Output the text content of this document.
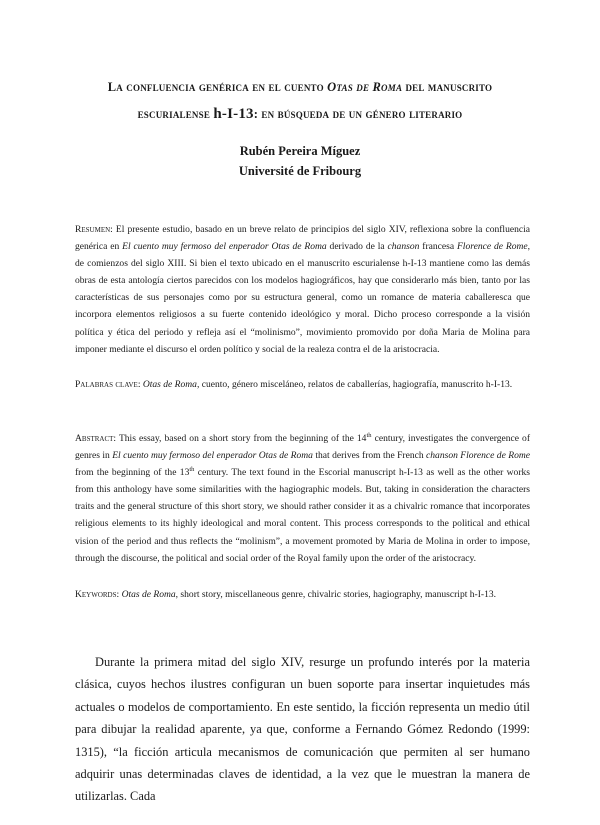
La confluencia genérica en el cuento Otas de Roma del manuscrito
escurialense h-I-13: en búsqueda de un género literario
Rubén Pereira Míguez
Université de Fribourg
Resumen: El presente estudio, basado en un breve relato de principios del siglo XIV, reflexiona sobre la confluencia genérica en El cuento muy fermoso del enperador Otas de Roma derivado de la chanson francesa Florence de Rome, de comienzos del siglo XIII. Si bien el texto ubicado en el manuscrito escurialense h-I-13 mantiene como las demás obras de esta antología ciertos parecidos con los modelos hagiográficos, hay que considerarlo más bien, tanto por las características de sus personajes como por su estructura general, como un romance de materia caballeresca que incorpora elementos religiosos a su fuerte contenido ideológico y moral. Dicho proceso corresponde a la visión política y ética del periodo y refleja así el “molinismo”, movimiento promovido por doña Maria de Molina para imponer mediante el discurso el orden político y social de la realeza contra el de la aristocracia.
Palabras clave: Otas de Roma, cuento, género misceláneo, relatos de caballerías, hagiografía, manuscrito h-I-13.
Abstract: This essay, based on a short story from the beginning of the 14th century, investigates the convergence of genres in El cuento muy fermoso del enperador Otas de Roma that derives from the French chanson Florence de Rome from the beginning of the 13th century. The text found in the Escorial manuscript h-I-13 as well as the other works from this anthology have some similarities with the hagiographic models. But, taking in consideration the characters traits and the general structure of this short story, we should rather consider it as a chivalric romance that incorporates religious elements to its highly ideological and moral content. This process corresponds to the political and ethical vision of the period and thus reflects the “molinism”, a movement promoted by Maria de Molina in order to impose, through the discourse, the political and social order of the Royal family upon the order of the aristocracy.
Keywords: Otas de Roma, short story, miscellaneous genre, chivalric stories, hagiography, manuscript h-I-13.
Durante la primera mitad del siglo XIV, resurge un profundo interés por la materia clásica, cuyos hechos ilustres configuran un buen soporte para insertar inquietudes más actuales o modelos de comportamiento. En este sentido, la ficción representa un medio útil para dibujar la realidad aparente, ya que, conforme a Fernando Gómez Redondo (1999: 1315), “la ficción articula mecanismos de comunicación que permiten al ser humano adquirir unas determinadas claves de identidad, a la vez que le muestran la manera de utilizarlas. Cada
